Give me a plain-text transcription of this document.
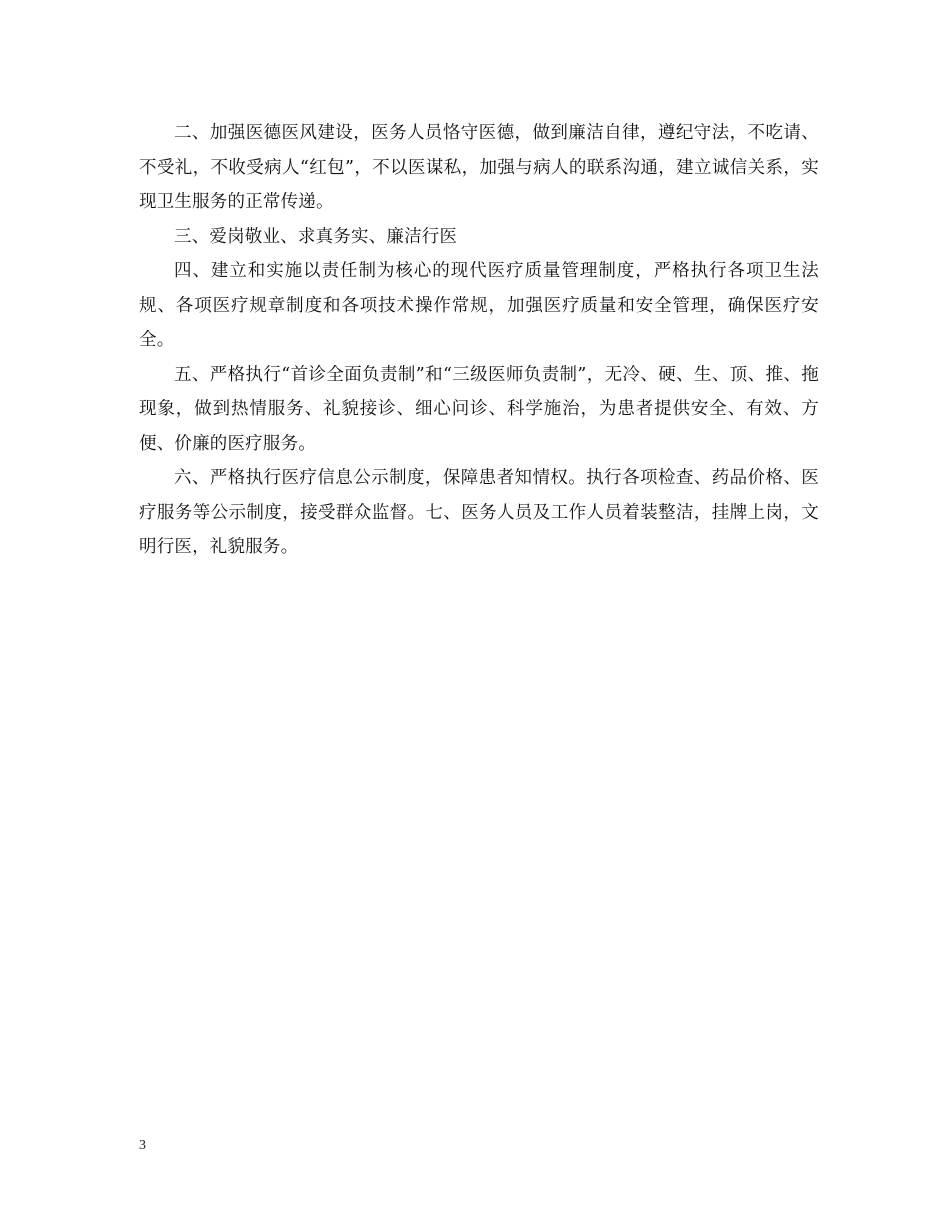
二、加强医德医风建设，医务人员恪守医德，做到廉洁自律，遵纪守法，不吃请、不受礼，不收受病人“红包”，不以医谋私，加强与病人的联系沟通，建立诚信关系，实现卫生服务的正常传递。

三、爱岗敬业、求真务实、廉洁行医

四、建立和实施以责任制为核心的现代医疗质量管理制度，严格执行各项卫生法规、各项医疗规章制度和各项技术操作常规，加强医疗质量和安全管理，确保医疗安全。

五、严格执行“首诊全面负责制”和“三级医师负责制”，无冷、硬、生、顶、推、拖现象，做到热情服务、礼貌接诊、细心问诊、科学施治，为患者提供安全、有效、方便、价廉的医疗服务。

六、严格执行医疗信息公示制度，保障患者知情权。执行各项检查、药品价格、医疗服务等公示制度，接受群众监督。七、医务人员及工作人员着装整洁，挂牌上岗，文明行医，礼貌服务。

3
